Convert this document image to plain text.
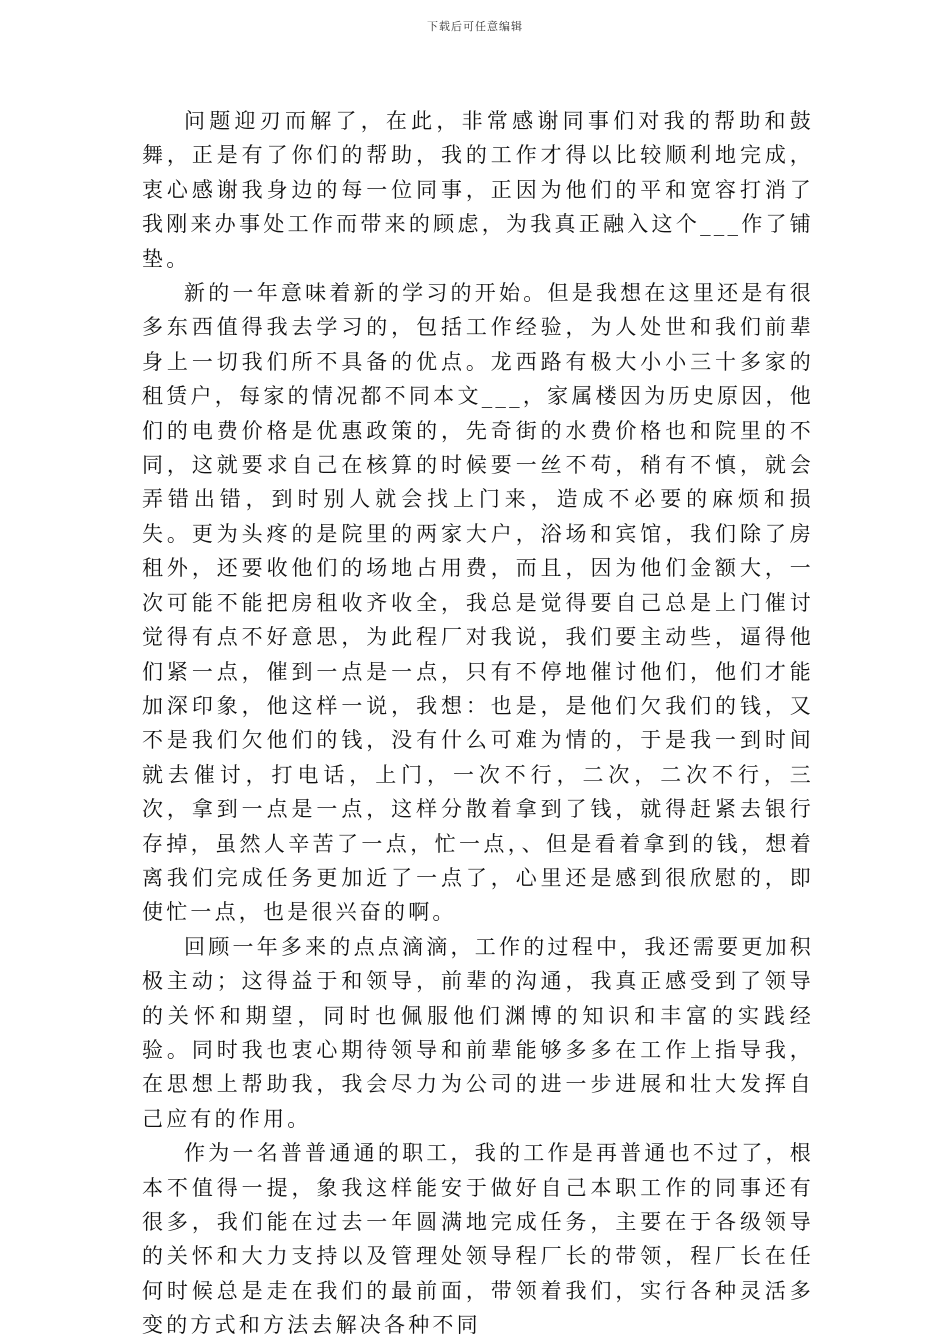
下载后可任意编辑

问题迎刃而解了，在此，非常感谢同事们对我的帮助和鼓舞，正是有了你们的帮助，我的工作才得以比较顺利地完成，衷心感谢我身边的每一位同事，正因为他们的平和宽容打消了我刚来办事处工作而带来的顾虑，为我真正融入这个___作了铺垫。

新的一年意味着新的学习的开始。但是我想在这里还是有很多东西值得我去学习的，包括工作经验，为人处世和我们前辈身上一切我们所不具备的优点。龙西路有极大小小三十多家的租赁户，每家的情况都不同本文___，家属楼因为历史原因，他们的电费价格是优惠政策的，先奇街的水费价格也和院里的不同，这就要求自己在核算的时候要一丝不苟，稍有不慎，就会弄错出错，到时别人就会找上门来，造成不必要的麻烦和损失。更为头疼的是院里的两家大户，浴场和宾馆，我们除了房租外，还要收他们的场地占用费，而且，因为他们金额大，一次可能不能把房租收齐收全，我总是觉得要自己总是上门催讨觉得有点不好意思，为此程厂对我说，我们要主动些，逼得他们紧一点，催到一点是一点，只有不停地催讨他们，他们才能加深印象，他这样一说，我想：也是，是他们欠我们的钱，又不是我们欠他们的钱，没有什么可难为情的，于是我一到时间就去催讨，打电话，上门，一次不行，二次，二次不行，三次，拿到一点是一点，这样分散着拿到了钱，就得赶紧去银行存掉，虽然人辛苦了一点，忙一点，、但是看着拿到的钱，想着离我们完成任务更加近了一点了，心里还是感到很欣慰的，即使忙一点，也是很兴奋的啊。

回顾一年多来的点点滴滴，工作的过程中，我还需要更加积极主动；这得益于和领导，前辈的沟通，我真正感受到了领导的关怀和期望，同时也佩服他们渊博的知识和丰富的实践经验。同时我也衷心期待领导和前辈能够多多在工作上指导我，在思想上帮助我，我会尽力为公司的进一步进展和壮大发挥自己应有的作用。

作为一名普普通通的职工，我的工作是再普通也不过了，根本不值得一提，象我这样能安于做好自己本职工作的同事还有很多，我们能在过去一年圆满地完成任务，主要在于各级领导的关怀和大力支持以及管理处领导程厂长的带领，程厂长在任何时候总是走在我们的最前面，带领着我们，实行各种灵活多变的方式和方法去解决各种不同
